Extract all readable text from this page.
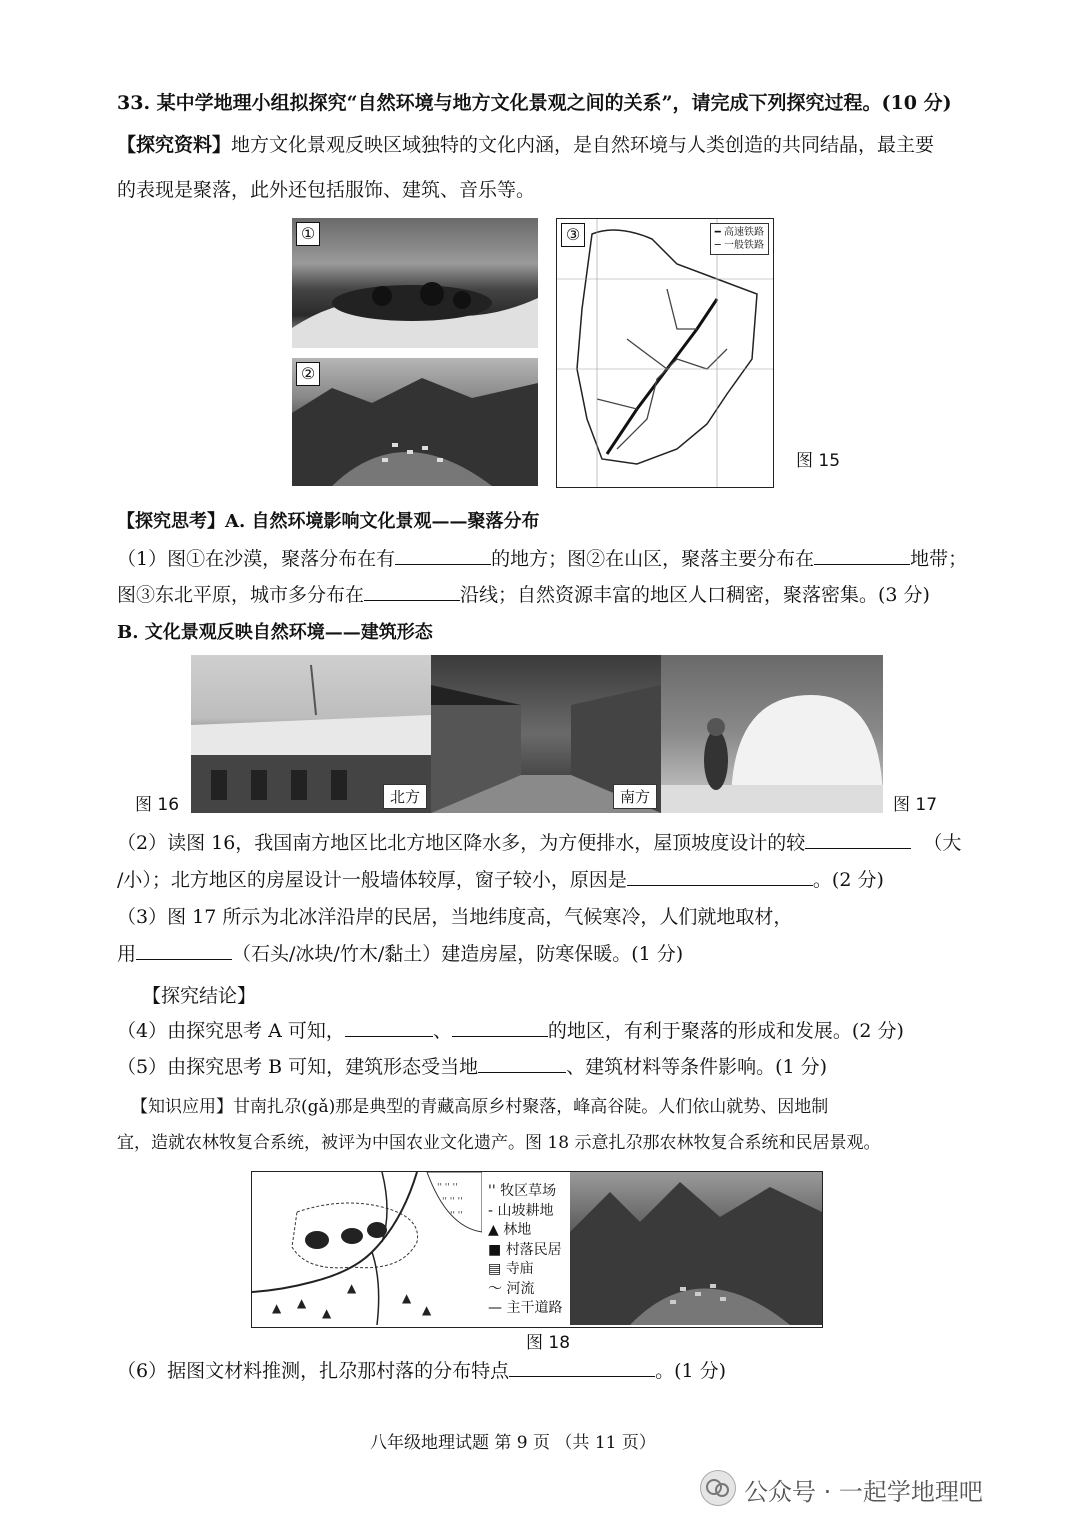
33. 某中学地理小组拟探究“自然环境与地方文化景观之间的关系”，请完成下列探究过程。(10 分)
【探究资料】地方文化景观反映区域独特的文化内涵，是自然环境与人类创造的共同结晶，最主要
的表现是聚落，此外还包括服饰、建筑、音乐等。
①
②
③	━ 高速铁路
─ 一般铁路
图 15
【探究思考】A. 自然环境影响文化景观——聚落分布
（1）图①在沙漠，聚落分布在有	的地方；图②在山区，聚落主要分布在	地带；
图③东北平原，城市多分布在	沿线；自然资源丰富的地区人口稠密，聚落密集。(3 分)
B. 文化景观反映自然环境——建筑形态
图 16	北方	南方	图 17
（2）读图 16，我国南方地区比北方地区降水多，为方便排水，屋顶坡度设计的较	（大
/小）；北方地区的房屋设计一般墙体较厚，窗子较小，原因是	。(2 分)
（3）图 17 所示为北冰洋沿岸的民居，当地纬度高，气候寒冷，人们就地取材，
用	（石头/冰块/竹木/黏土）建造房屋，防寒保暖。(1 分)
【探究结论】
（4）由探究思考 A 可知，	、	的地区，有利于聚落的形成和发展。(2 分)
（5）由探究思考 B 可知，建筑形态受当地	、建筑材料等条件影响。(1 分)
【知识应用】甘南扎尕(gǎ)那是典型的青藏高原乡村聚落，峰高谷陡。人们依山就势、因地制
宜，造就农林牧复合系统，被评为中国农业文化遗产。图 18 示意扎尕那农林牧复合系统和民居景观。
'' '' ''
'' '' ''
'' ''
▲ ▲
▲
▲
▲
▲
'' 牧区草场
- 山坡耕地
▲ 林地
■ 村落民居
▤ 寺庙
〜 河流
— 主干道路
图 18
（6）据图文材料推测，扎尕那村落的分布特点	。(1 分)
八年级地理试题 第 9 页 （共 11 页）
公众号 · 一起学地理吧
